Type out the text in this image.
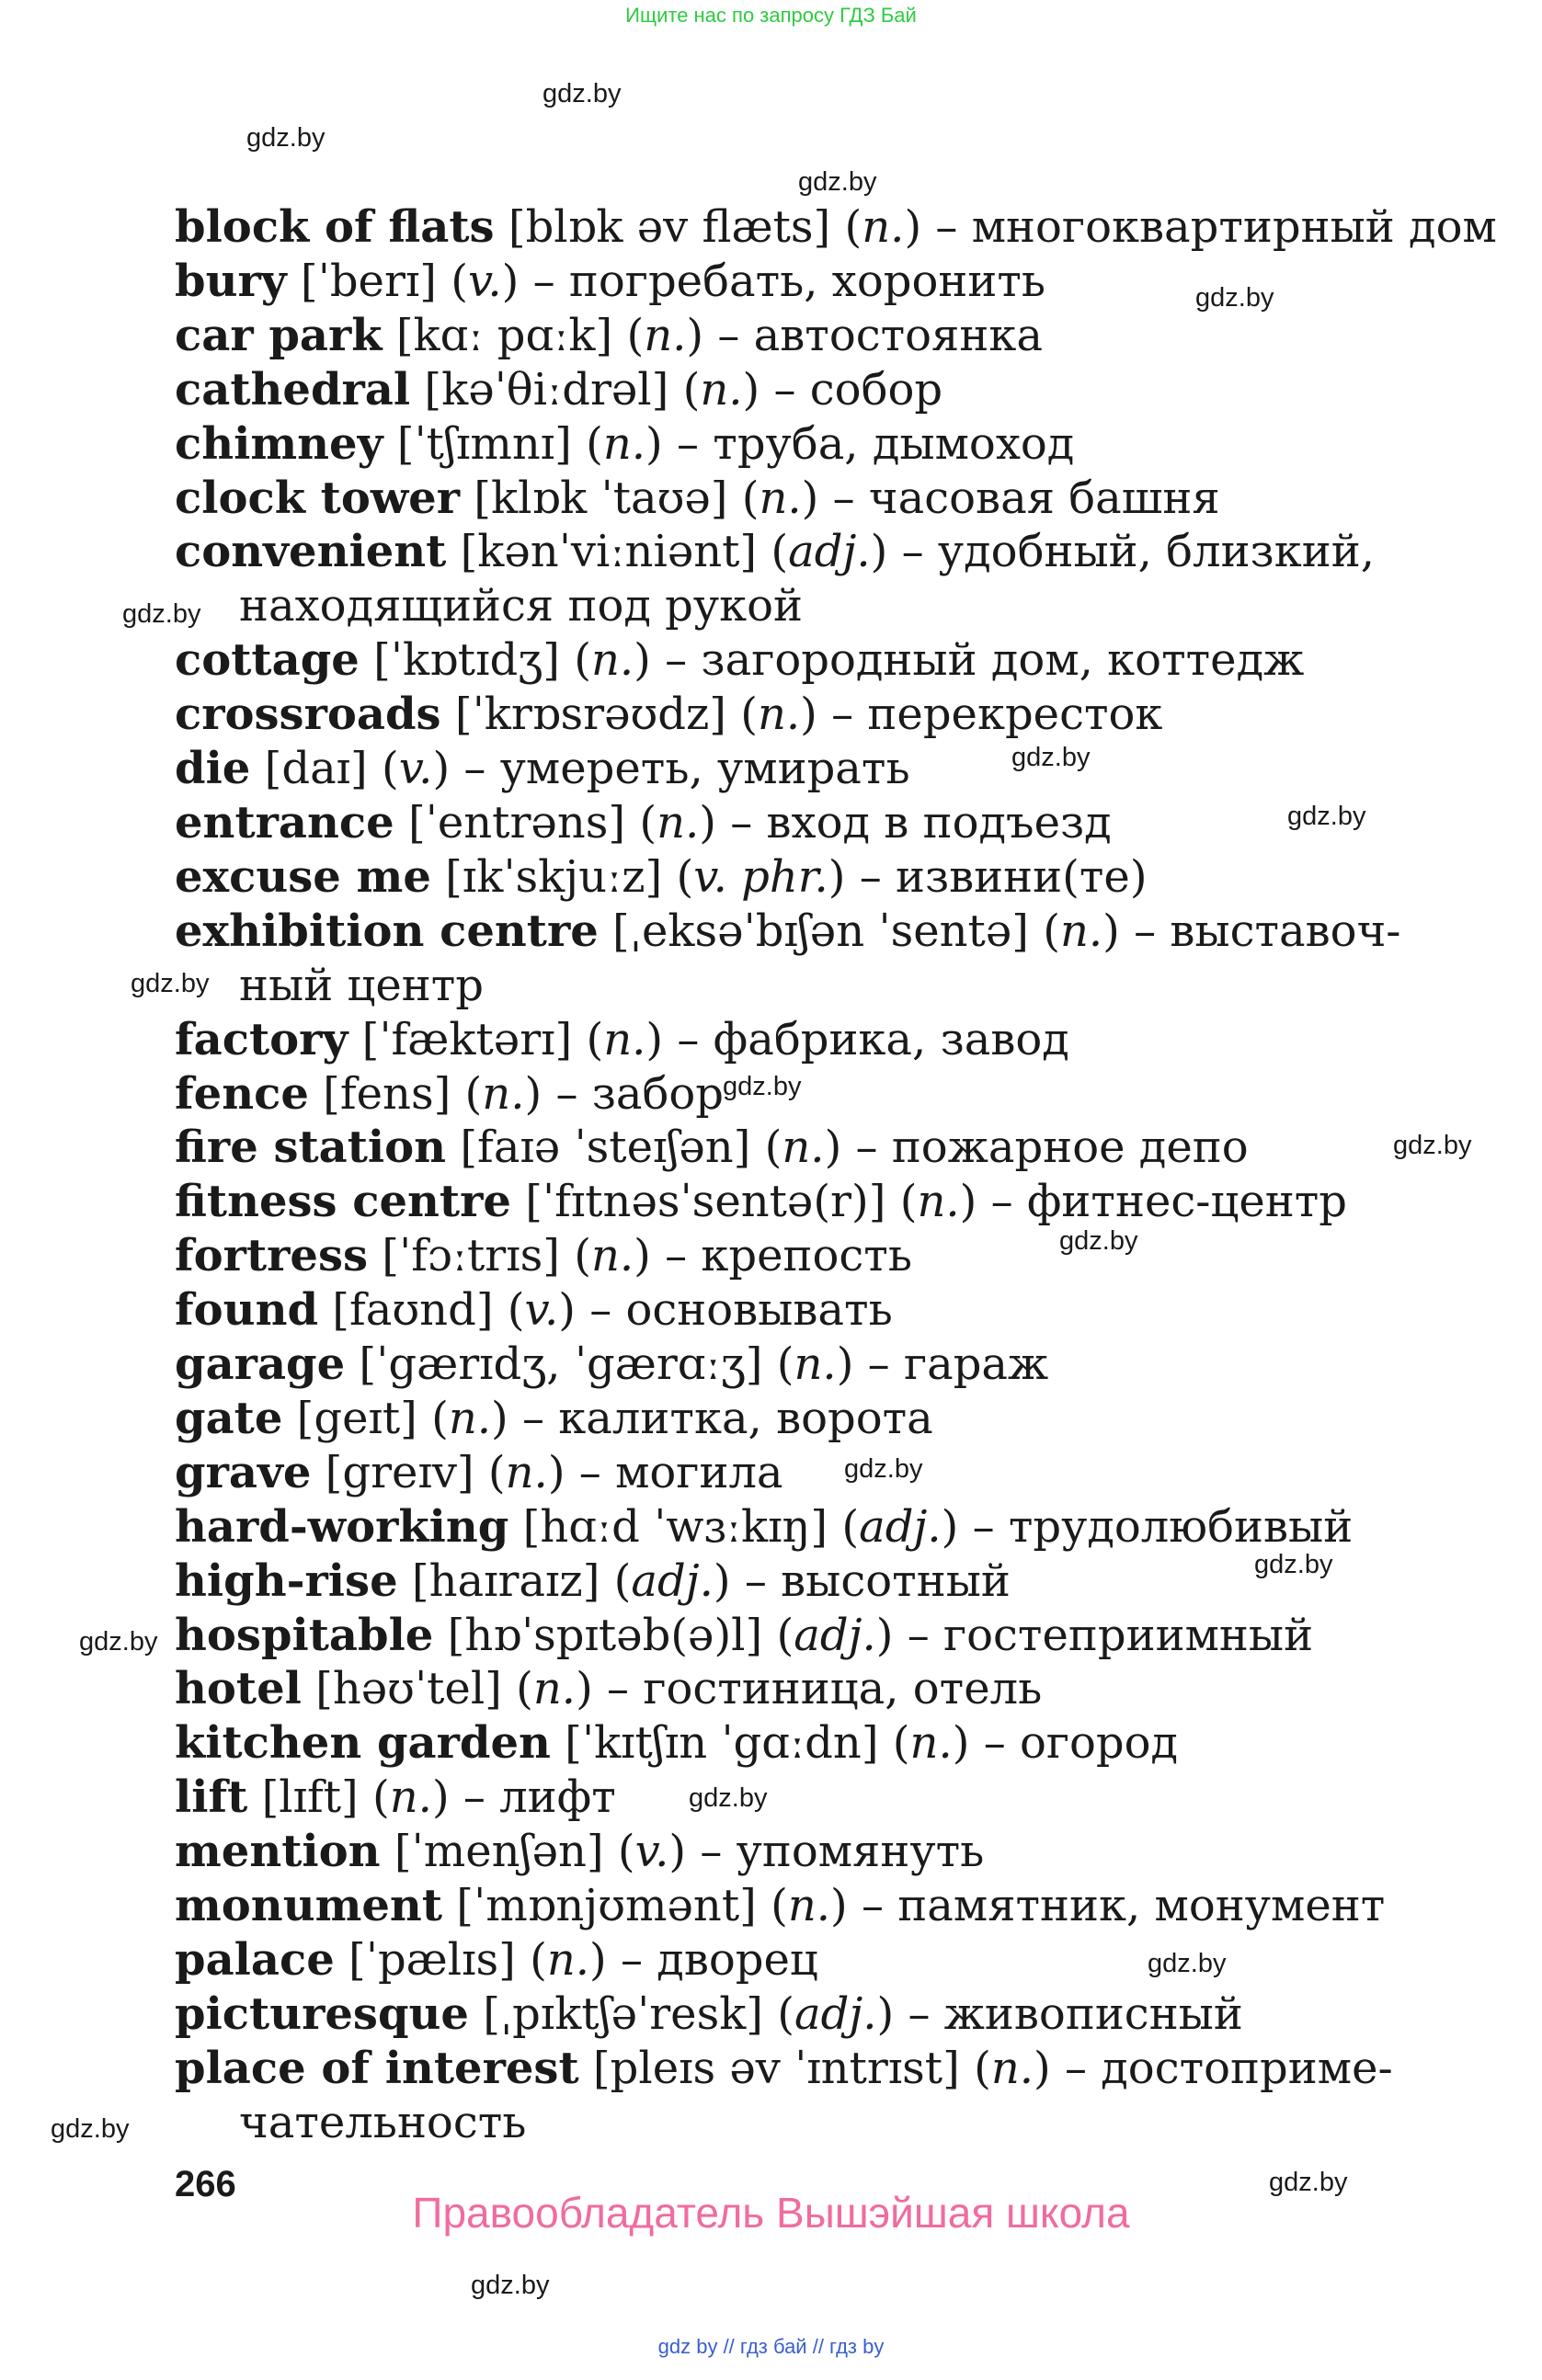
Ищите нас по запросу ГДЗ Бай
gdz.by
gdz.by
gdz.by
gdz.by
gdz.by
gdz.by
gdz.by
gdz.by
gdz.by
gdz.by
gdz.by
gdz.by
gdz.by
gdz.by
gdz.by
gdz.by
gdz.by
gdz.by
gdz.by
block of flats [blɒk əv flæts] (n.) – многоквартирный дом
bury [ˈberɪ] (v.) – погребать, хоронить
car park [kɑː pɑːk] (n.) – автостоянка
cathedral [kəˈθiːdrəl] (n.) – собор
chimney [ˈtʃɪmnɪ] (n.) – труба, дымоход
clock tower [klɒk ˈtaʊə] (n.) – часовая башня
convenient [kənˈviːniənt] (adj.) – удобный, близкий,
находящийся под рукой
cottage [ˈkɒtɪdʒ] (n.) – загородный дом, коттедж
crossroads [ˈkrɒsrəʊdz] (n.) – перекресток
die [daɪ] (v.) – умереть, умирать
entrance [ˈentrəns] (n.) – вход в подъезд
excuse me [ɪkˈskjuːz] (v. phr.) – извини(те)
exhibition centre [ˌeksəˈbɪʃən ˈsentə] (n.) – выставоч-
ный центр
factory [ˈfæktərɪ] (n.) – фабрика, завод
fence [fens] (n.) – забор
fire station [faɪə ˈsteɪʃən] (n.) – пожарное депо
fitness centre [ˈfɪtnəsˈsentə(r)] (n.) – фитнес-центр
fortress [ˈfɔːtrɪs] (n.) – крепость
found [faʊnd] (v.) – основывать
garage [ˈgærɪdʒ, ˈgærɑːʒ] (n.) – гараж
gate [geɪt] (n.) – калитка, ворота
grave [greɪv] (n.) – могила
hard-working [hɑːd ˈwɜːkɪŋ] (adj.) – трудолюбивый
high-rise [haɪraɪz] (adj.) – высотный
hospitable [hɒˈspɪtəb(ə)l] (adj.) – гостеприимный
hotel [həʊˈtel] (n.) – гостиница, отель
kitchen garden [ˈkɪtʃɪn ˈgɑːdn] (n.) – огород
lift [lɪft] (n.) – лифт
mention [ˈmenʃən] (v.) – упомянуть
monument [ˈmɒnjʊmənt] (n.) – памятник, монумент
palace [ˈpælɪs] (n.) – дворец
picturesque [ˌpɪktʃəˈresk] (adj.) – живописный
place of interest [pleɪs əv ˈɪntrɪst] (n.) – достоприме-
чательность
266
Правообладатель Вышэйшая школа
gdz by // гдз бай // гдз by
